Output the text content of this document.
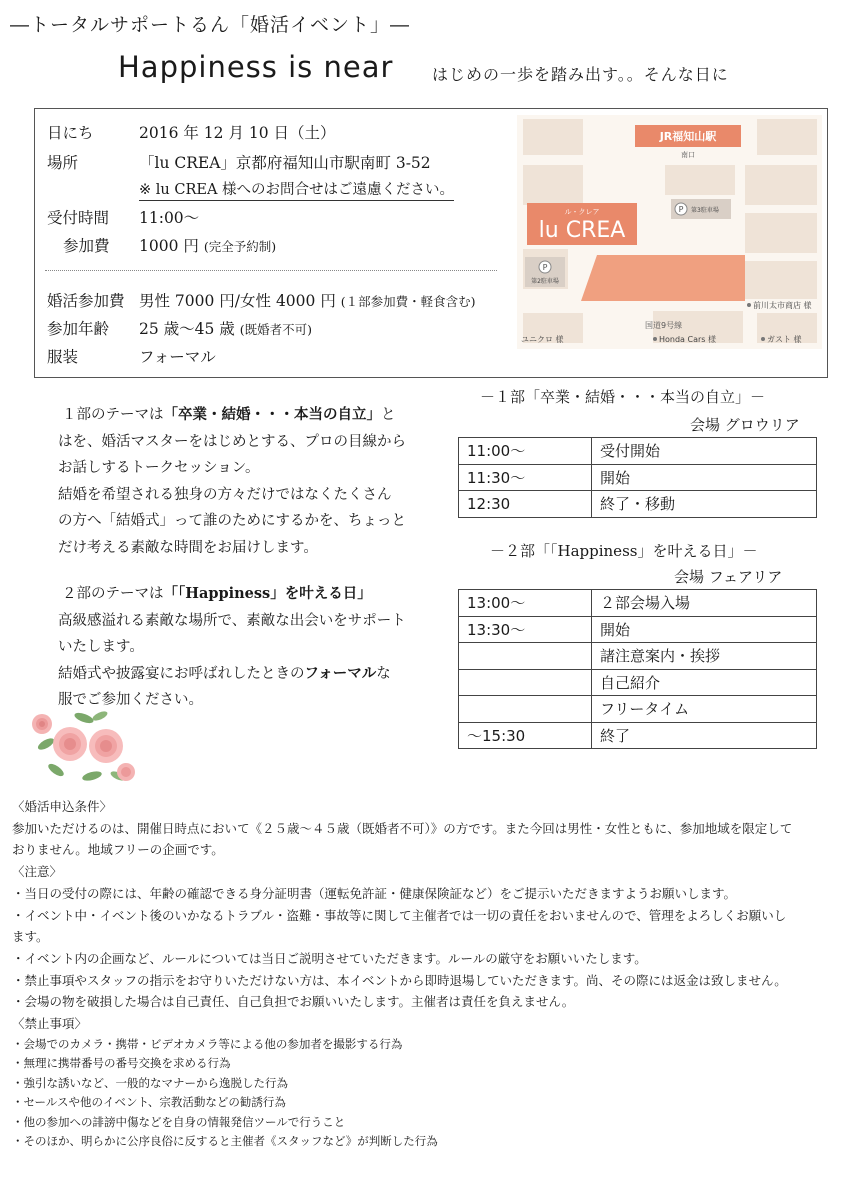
―トータルサポートるん「婚活イベント」―
Happiness is near はじめの一歩を踏み出す。。そんな日に
日にち	2016 年 12 月 10 日（土）
場所	「lu CREA」京都府福知山市駅南町 3-52
※ lu CREA 様へのお問合せはご遠慮ください。
受付時間 11:00～
参加費 1000 円 (完全予約制)
婚活参加費 男性 7000 円/女性 4000 円 (１部参加費・軽食含む)
参加年齢 25 歳～45 歳 (既婚者不可)
服装	フォーマル
JR福知山駅
南口
P 第3駐車場
P
第2駐車場
ル・クレア
lu CREA
国道9号線
前川太市商店 様
ユニクロ 様	Honda Cars 様	ガスト 様
１部のテーマは「卒業・結婚・・・本当の自立」と
はを、婚活マスターをはじめとする、プロの目線から
お話しするトークセッション。
結婚を希望される独身の方々だけではなくたくさん
の方へ「結婚式」って誰のためにするかを、ちょっと
だけ考える素敵な時間をお届けします。
２部のテーマは「「Happiness」を叶える日」
高級感溢れる素敵な場所で、素敵な出会いをサポート
いたします。
結婚式や披露宴にお呼ばれしたときのフォーマルな
服でご参加ください。
－１部「卒業・結婚・・・本当の自立」－
会場 グロウリア
11:00～	受付開始
11:30～	開始
12:30	終了・移動
－２部「「Happiness」を叶える日」－
会場 フェアリア
13:00～	２部会場入場
13:30～	開始
	諸注意案内・挨拶
	自己紹介
	フリータイム
～15:30	終了
〈婚活申込条件〉
参加いただけるのは、開催日時点において《２５歳～４５歳（既婚者不可）》の方です。また今回は男性・女性ともに、参加地域を限定して
おりません。地域フリーの企画です。
〈注意〉
・当日の受付の際には、年齢の確認できる身分証明書（運転免許証・健康保険証など）をご提示いただきますようお願いします。
・イベント中・イベント後のいかなるトラブル・盗難・事故等に関して主催者では一切の責任をおいませんので、管理をよろしくお願いし
ます。
・イベント内の企画など、ルールについては当日ご説明させていただきます。ルールの厳守をお願いいたします。
・禁止事項やスタッフの指示をお守りいただけない方は、本イベントから即時退場していただきます。尚、その際には返金は致しません。
・会場の物を破損した場合は自己責任、自己負担でお願いいたします。主催者は責任を負えません。
〈禁止事項〉
・会場でのカメラ・携帯・ビデオカメラ等による他の参加者を撮影する行為
・無理に携帯番号の番号交換を求める行為
・強引な誘いなど、一般的なマナーから逸脱した行為
・セールスや他のイベント、宗教活動などの勧誘行為
・他の参加への誹謗中傷などを自身の情報発信ツールで行うこと
・そのほか、明らかに公序良俗に反すると主催者《スタッフなど》が判断した行為
